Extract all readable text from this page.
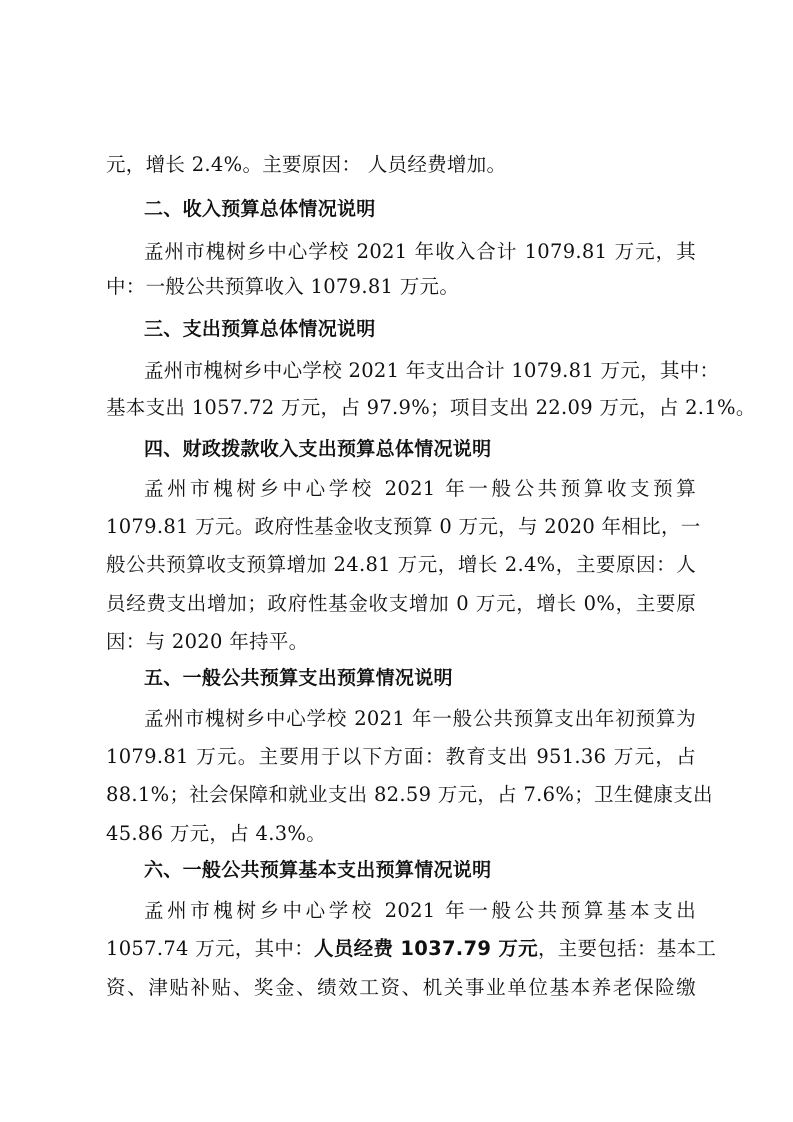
元，增长 2.4%。主要原因： 人员经费增加。
二、收入预算总体情况说明
孟州市槐树乡中心学校 2021 年收入合计 1079.81 万元，其
中：一般公共预算收入 1079.81 万元。
三、支出预算总体情况说明
孟州市槐树乡中心学校 2021 年支出合计 1079.81 万元，其中：
基本支出 1057.72 万元，占 97.9%；项目支出 22.09 万元，占 2.1%。
四、财政拨款收入支出预算总体情况说明
孟州市槐树乡中心学校 2021 年一般公共预算收支预算
1079.81 万元。政府性基金收支预算 0 万元，与 2020 年相比，一
般公共预算收支预算增加 24.81 万元，增长 2.4%，主要原因：人
员经费支出增加；政府性基金收支增加 0 万元，增长 0%，主要原
因：与 2020 年持平。
五、一般公共预算支出预算情况说明
孟州市槐树乡中心学校 2021 年一般公共预算支出年初预算为
1079.81 万元。主要用于以下方面：教育支出 951.36 万元，占
88.1%；社会保障和就业支出 82.59 万元，占 7.6%；卫生健康支出
45.86 万元，占 4.3%。
六、一般公共预算基本支出预算情况说明
孟州市槐树乡中心学校 2021 年一般公共预算基本支出
1057.74 万元，其中：人员经费 1037.79 万元，主要包括：基本工
资、津贴补贴、奖金、绩效工资、机关事业单位基本养老保险缴
